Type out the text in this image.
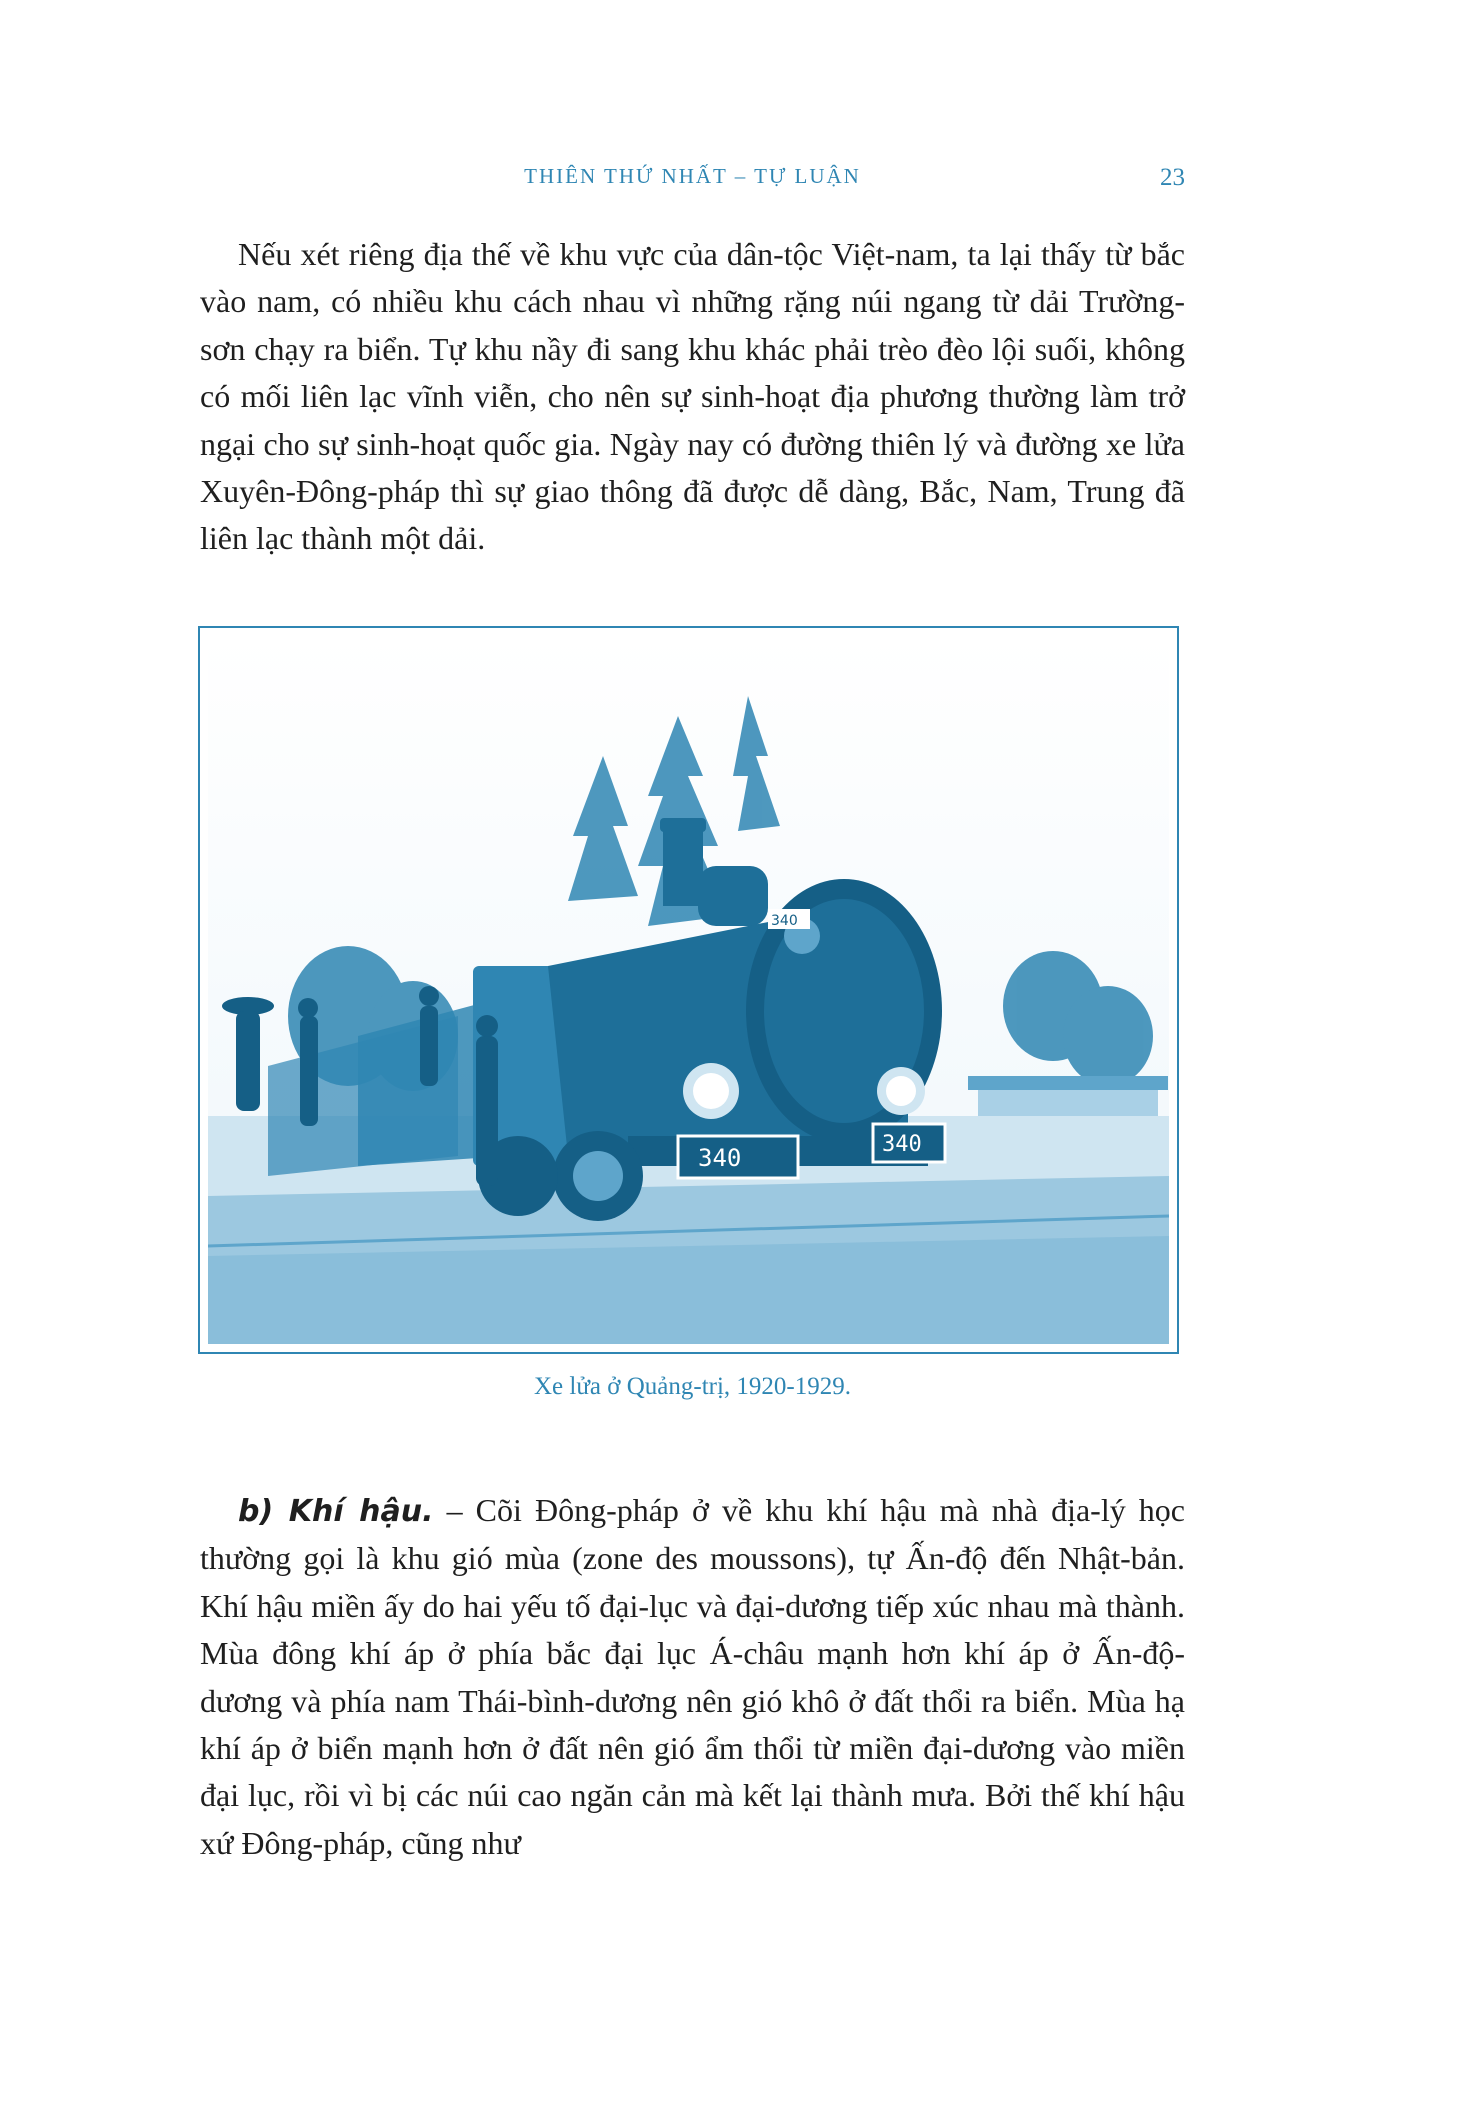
THIÊN THỨ NHẤT – TỰ LUẬN	23

Nếu xét riêng địa thế về khu vực của dân-tộc Việt-nam, ta lại thấy từ bắc vào nam, có nhiều khu cách nhau vì những rặng núi ngang từ dải Trường-sơn chạy ra biển. Tự khu nầy đi sang khu khác phải trèo đèo lội suối, không có mối liên lạc vĩnh viễn, cho nên sự sinh-hoạt địa phương thường làm trở ngại cho sự sinh-hoạt quốc gia. Ngày nay có đường thiên lý và đường xe lửa Xuyên-Đông-pháp thì sự giao thông đã được dễ dàng, Bắc, Nam, Trung đã liên lạc thành một dải.

340	340
340
Xe lửa ở Quảng-trị, 1920-1929.

b) Khí hậu. – Cõi Đông-pháp ở về khu khí hậu mà nhà địa-lý học thường gọi là khu gió mùa (zone des moussons), tự Ấn-độ đến Nhật-bản. Khí hậu miền ấy do hai yếu tố đại-lục và đại-dương tiếp xúc nhau mà thành. Mùa đông khí áp ở phía bắc đại lục Á-châu mạnh hơn khí áp ở Ấn-độ-dương và phía nam Thái-bình-dương nên gió khô ở đất thổi ra biển. Mùa hạ khí áp ở biển mạnh hơn ở đất nên gió ẩm thổi từ miền đại-dương vào miền đại lục, rồi vì bị các núi cao ngăn cản mà kết lại thành mưa. Bởi thế khí hậu xứ Đông-pháp, cũng như
